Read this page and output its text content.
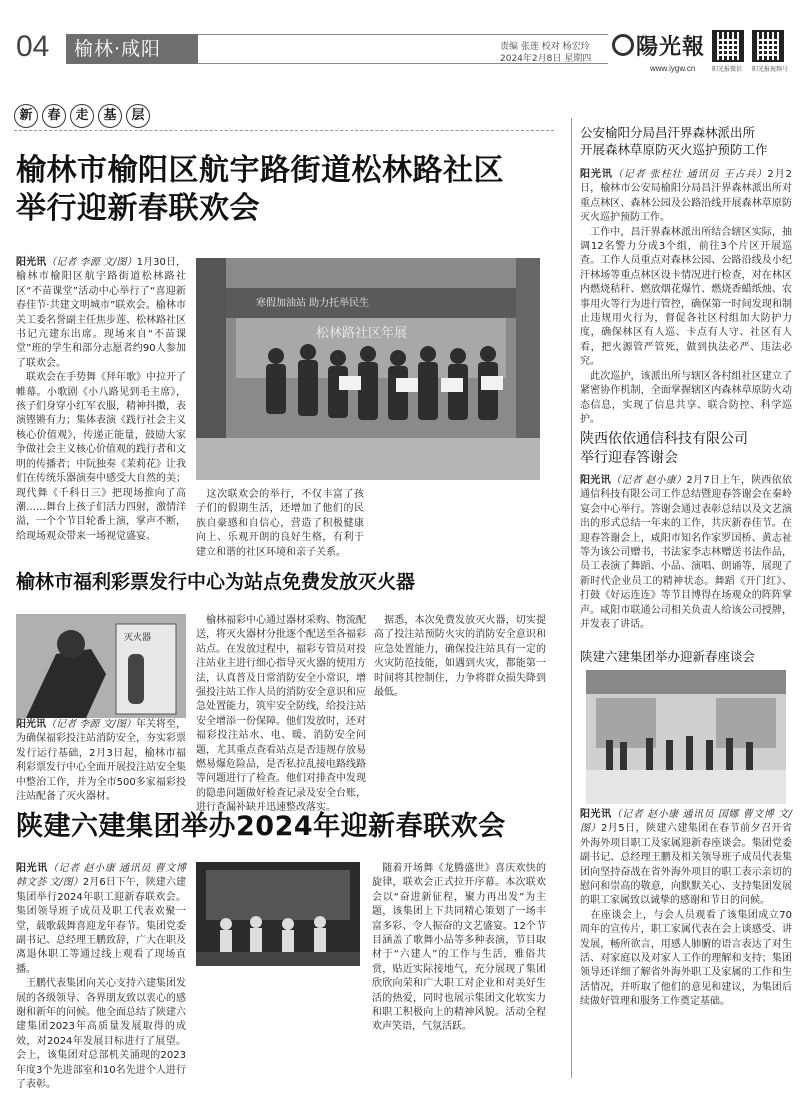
04	榆林·咸阳	责编 张莲 校对 杨宏玲
2024年2月8日 星期四 陽光報
www.iygw.cn	阳光报微信 阳光报视频号
新	春	走	基	层
榆林市榆阳区航宇路街道松林路社区
举行迎新春联欢会
阳光讯（记者 李源 文/图）1月30日，榆林市榆阳区航宇路街道松林路社区“不苗课堂”活动中心举行了“喜迎新春佳节·共建文明城市”联欢会。榆林市关工委名誉副主任焦步莲、松林路社区书记亢建东出席。现场来自“不苗课堂”班的学生和部分志愿者约90人参加了联欢会。
 联欢会在手势舞《拜年歌》中拉开了帷幕。小歌剧《小八路见到毛主席》，孩子们身穿小红军衣服，精神抖擞，表演铿锵有力；集体表演《践行社会主义核心价值观》，传递正能量，鼓励大家争做社会主义核心价值观的践行者和文明的传播者；中阮独奏《茉莉花》让我们在传统乐器演奏中感受大自然的美；现代舞《千科日三》把现场推向了高潮……舞台上孩子们活力四射，激情洋溢，一个个节目轮番上演，掌声不断，给现场观众带来一场视觉盛宴。
松林路社区年展
寒假加油站 助力托举民生
 这次联欢会的举行，不仅丰富了孩子们的假期生活，还增加了他们的民族自豪感和自信心，营造了积极健康向上、乐观开朗的良好生格，有利于建立和谐的社区环境和亲子关系。
榆林市福利彩票发行中心为站点免费发放灭火器
灭火器
阳光讯（记者 李源 文/图）年关将至，为确保福彩投注站消防安全，夯实彩票发行运行基础，2月3日起，榆林市福利彩票发行中心全面开展投注站安全集中整治工作，并为全市500多家福彩投注站配备了灭火器材。
 榆林福彩中心通过器材采购、物流配送，将灭火器材分批逐个配送至各福彩站点。在发放过程中，福彩专管员对投注站业主进行细心指导灭火器的使用方法，认真普及日常消防安全小常识，增强投注站工作人员的消防安全意识和应急处置能力，筑牢安全防线，给投注站安全增添一份保障。他们发放时，还对福彩投注站水、电、暖、消防安全问题，尤其重点查看站点是否违规存放易燃易爆危险品，是否私拉乱接电路线路等问题进行了检查。他们对排查中发现的隐患问题做好检查记录及安全台账，进行查漏补缺并迅速整改落实。
 据悉，本次免费发放灭火器，切实提高了投注站预防火灾的消防安全意识和应急处置能力，确保投注站具有一定的火灾防范技能，如遇到火灾，都能第一时间将其控制住，力争将群众损失降到最低。
陕建六建集团举办2024年迎新春联欢会
阳光讯（记者 赵小康 通讯员 曹文博 韩文荟 文/图）2月6日下午，陕建六建集团举行2024年职工迎新春联欢会。集团领导班子成员及职工代表欢聚一堂，载歌载舞喜迎龙年春节。集团党委副书记、总经理王鹏致辞，广大在职及离退休职工等通过线上观看了现场直播。
 王鹏代表集团向关心支持六建集团发展的各级领导、各界朋友致以衷心的感谢和新年的问候。他全面总结了陕建六建集团2023年高质量发展取得的成效，对2024年发展目标进行了展望。会上，该集团对总部机关涌现的2023年度3个先进部室和10名先进个人进行了表彰。
 随着开场舞《龙腾盛世》喜庆欢快的旋律，联欢会正式拉开序幕。本次联欢会以“奋进新征程，聚力再出发”为主题，该集团上下共同精心策划了一场丰富多彩、令人振奋的文艺盛宴。12个节目涵盖了歌舞小品等多种表演，节目取材于“六建人”的工作与生活，雅俗共赏，贴近实际接地气，充分展现了集团欣欣向荣和广大职工对企业和对美好生活的热爱，同时也展示集团文化软实力和职工积极向上的精神风貌。活动全程欢声笑语，气氛活跃。
公安榆阳分局昌汗界森林派出所
开展森林草原防灭火巡护预防工作
阳光讯（记者 张柱壮 通讯员 王占兵）2月2日，榆林市公安局榆阳分局昌汗界森林派出所对重点林区、森林公园及公路沿线开展森林草原防灭火巡护预防工作。
 工作中，昌汗界森林派出所结合辖区实际，抽调12名警力分成3个组，前往3个片区开展巡查。工作人员重点对森林公园、公路沿线及小纪汗林场等重点林区设卡情况进行检查，对在林区内燃烧秸秆、燃放烟花爆竹、燃烧香蜡纸烛、农事用火等行为进行管控，确保第一时间发现和制止违规用火行为，督促各社区村组加大防护力度，确保林区有人巡、卡点有人守、社区有人看，把火源管严管死，做到执法必严、违法必究。
 此次巡护，该派出所与辖区各村组社区建立了紧密协作机制，全面掌握辖区内森林草原防火动态信息，实现了信息共享、联合防控、科学巡护。
陕西依依通信科技有限公司
举行迎春答谢会
阳光讯（记者 赵小康）2月7日上午，陕西依依通信科技有限公司工作总结暨迎春答谢会在秦岭宴会中心举行。答谢会通过表彰总结以及文艺演出的形式总结一年来的工作，共庆新春佳节。在迎春答谢会上，咸阳市知名作家罗国桥、黄志祉等为该公司赠书，书法家李志林赠送书法作品，员工表演了舞蹈、小品、演唱、朗诵等，展现了新时代企业员工的精神状态。舞蹈《开门红》、打鼓《好运连连》等节目博得在场观众的阵阵掌声。咸阳市联通公司相关负责人给该公司授牌，并发表了讲话。
陕建六建集团举办迎新春座谈会
阳光讯（记者 赵小康 通讯员 国娜 曹文博 文/图）2月5日，陕建六建集团在春节前夕召开省外海外项目职工及家属迎新春座谈会。集团党委副书记、总经理王鹏及相关领导班子成员代表集团向坚持奋战在省外海外项目的职工表示亲切的慰问和崇高的敬意，向默默关心、支持集团发展的职工家属致以诚挚的感谢和节日的问候。
 在座谈会上，与会人员观看了该集团成立70周年的宣传片，职工家属代表在会上谈感受、讲发展，畅所欲言，用感人肺腑的语言表达了对生活、对家庭以及对家人工作的理解和支持；集团领导还详细了解省外海外职工及家属的工作和生活情况，并听取了他们的意见和建议，为集团后续做好管理和服务工作奠定基础。
